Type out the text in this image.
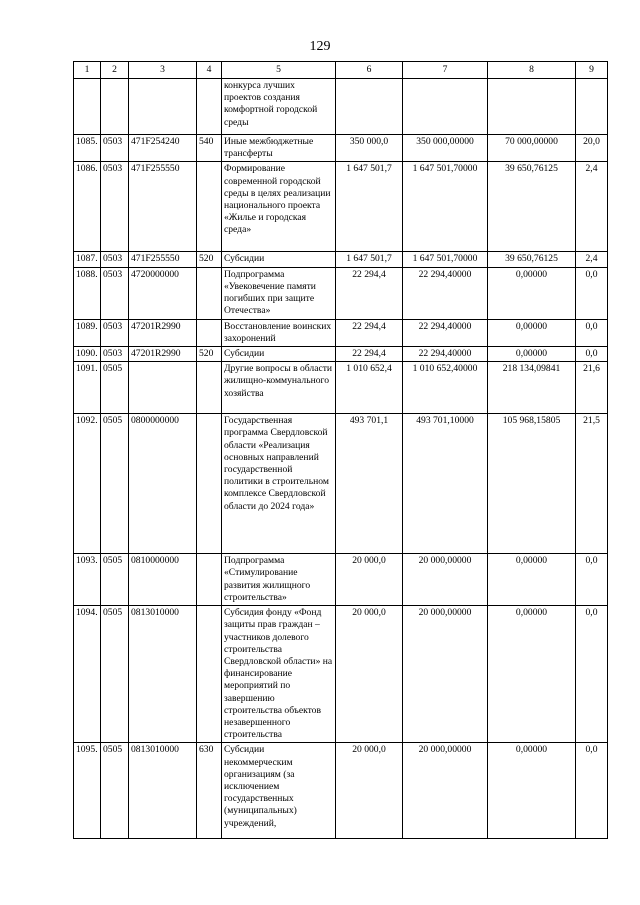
129
1	2	3	4	5	6	7	8	9
				конкурса лучших проектов создания комфортной городской среды				
1085.	0503	471F254240	540	Иные межбюджетные трансферты	350 000,0	350 000,00000	70 000,00000	20,0
1086.	0503	471F255550		Формирование современной городской среды в целях реализации национального проекта «Жилье и городская среда»	1 647 501,7	1 647 501,70000	39 650,76125	2,4
1087.	0503	471F255550	520	Субсидии	1 647 501,7	1 647 501,70000	39 650,76125	2,4
1088.	0503	4720000000		Подпрограмма «Увековечение памяти погибших при защите Отечества»	22 294,4	22 294,40000	0,00000	0,0
1089.	0503	47201R2990		Восстановление воинских захоронений	22 294,4	22 294,40000	0,00000	0,0
1090.	0503	47201R2990	520	Субсидии	22 294,4	22 294,40000	0,00000	0,0
1091.	0505			Другие вопросы в области жилищно-коммунального хозяйства	1 010 652,4	1 010 652,40000	218 134,09841	21,6
1092.	0505	0800000000		Государственная программа Свердловской области «Реализация основных направлений государственной политики в строительном комплексе Свердловской области до 2024 года»	493 701,1	493 701,10000	105 968,15805	21,5
1093.	0505	0810000000		Подпрограмма «Стимулирование развития жилищного строительства»	20 000,0	20 000,00000	0,00000	0,0
1094.	0505	0813010000		Субсидия фонду «Фонд защиты прав граждан – участников долевого строительства Свердловской области» на финансирование мероприятий по завершению строительства объектов незавершенного строительства	20 000,0	20 000,00000	0,00000	0,0
1095.	0505	0813010000	630	Субсидии некоммерческим организациям (за исключением государственных (муниципальных) учреждений,	20 000,0	20 000,00000	0,00000	0,0
